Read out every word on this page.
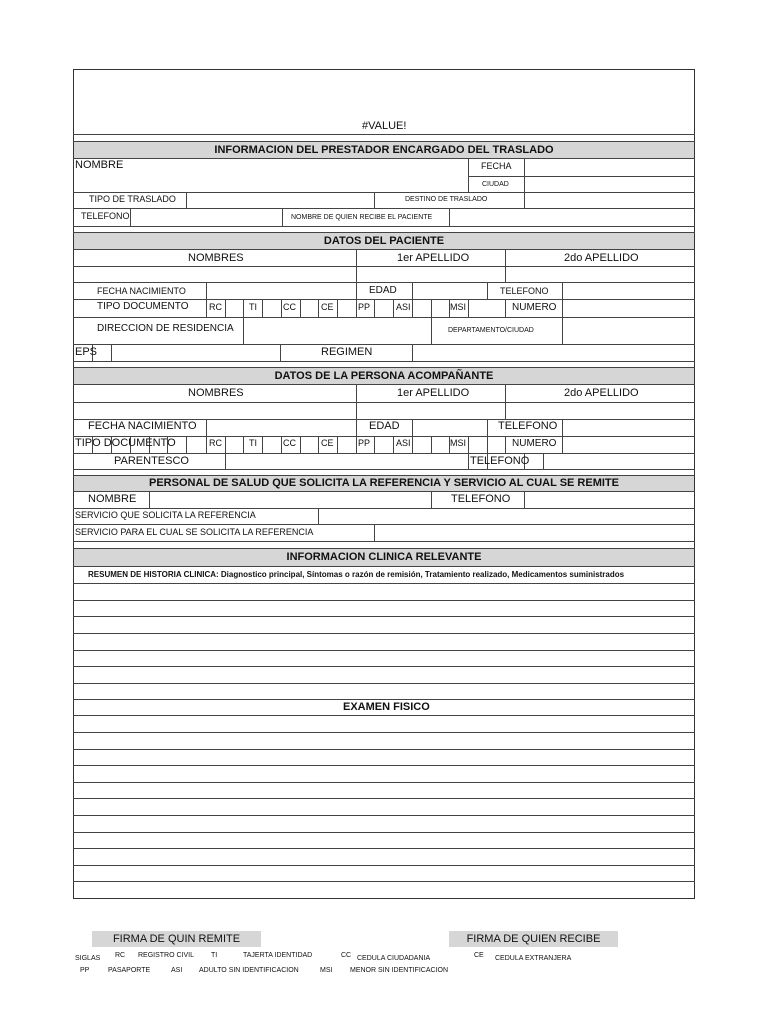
INFORMACION DEL PRESTADOR ENCARGADO DEL TRASLADO
DATOS DEL PACIENTE
DATOS DE LA PERSONA ACOMPAÑANTE
PERSONAL DE SALUD QUE SOLICITA LA REFERENCIA Y SERVICIO AL CUAL SE REMITE
INFORMACION CLINICA RELEVANTE
#VALUE!
NOMBRE	FECHA
CIUDAD
TIPO DE TRASLADO	DESTINO DE TRASLADO
TELEFONO	NOMBRE DE QUIEN RECIBE EL PACIENTE
NOMBRES	1er APELLIDO	2do APELLIDO
FECHA NACIMIENTO	EDAD	TELEFONO
TIPO DOCUMENTO RC	TI	CC	CE	PP	ASI	MSI	NUMERO
DIRECCION DE RESIDENCIA	DEPARTAMENTO/CIUDAD
EPS	REGIMEN
NOMBRES	1er APELLIDO	2do APELLIDO
FECHA NACIMIENTO	EDAD	TELEFONO
TIPO DOCUMENTO	RC	TI	CC	CE	PP	ASI	MSI	NUMERO
PARENTESCO	TELEFONO
NOMBRE	TELEFONO
SERVICIO QUE SOLICITA LA REFERENCIA
SERVICIO PARA EL CUAL SE SOLICITA LA REFERENCIA
RESUMEN DE HISTORIA CLINICA: Diagnostico principal, Síntomas o razón de remisión, Tratamiento realizado, Medicamentos suministrados
EXAMEN FISICO
FIRMA DE QUIN REMITE	FIRMA DE QUIEN RECIBE
SIGLAS RC REGISTRO CIVIL TI	TAJERTA IDENTIDAD	CC CEDULA CIUDADANIA	CE CEDULA EXTRANJERA
PP	PASAPORTE	ASI ADULTO SIN IDENTIFICACION	MSI	MENOR SIN IDENTIFICACION
